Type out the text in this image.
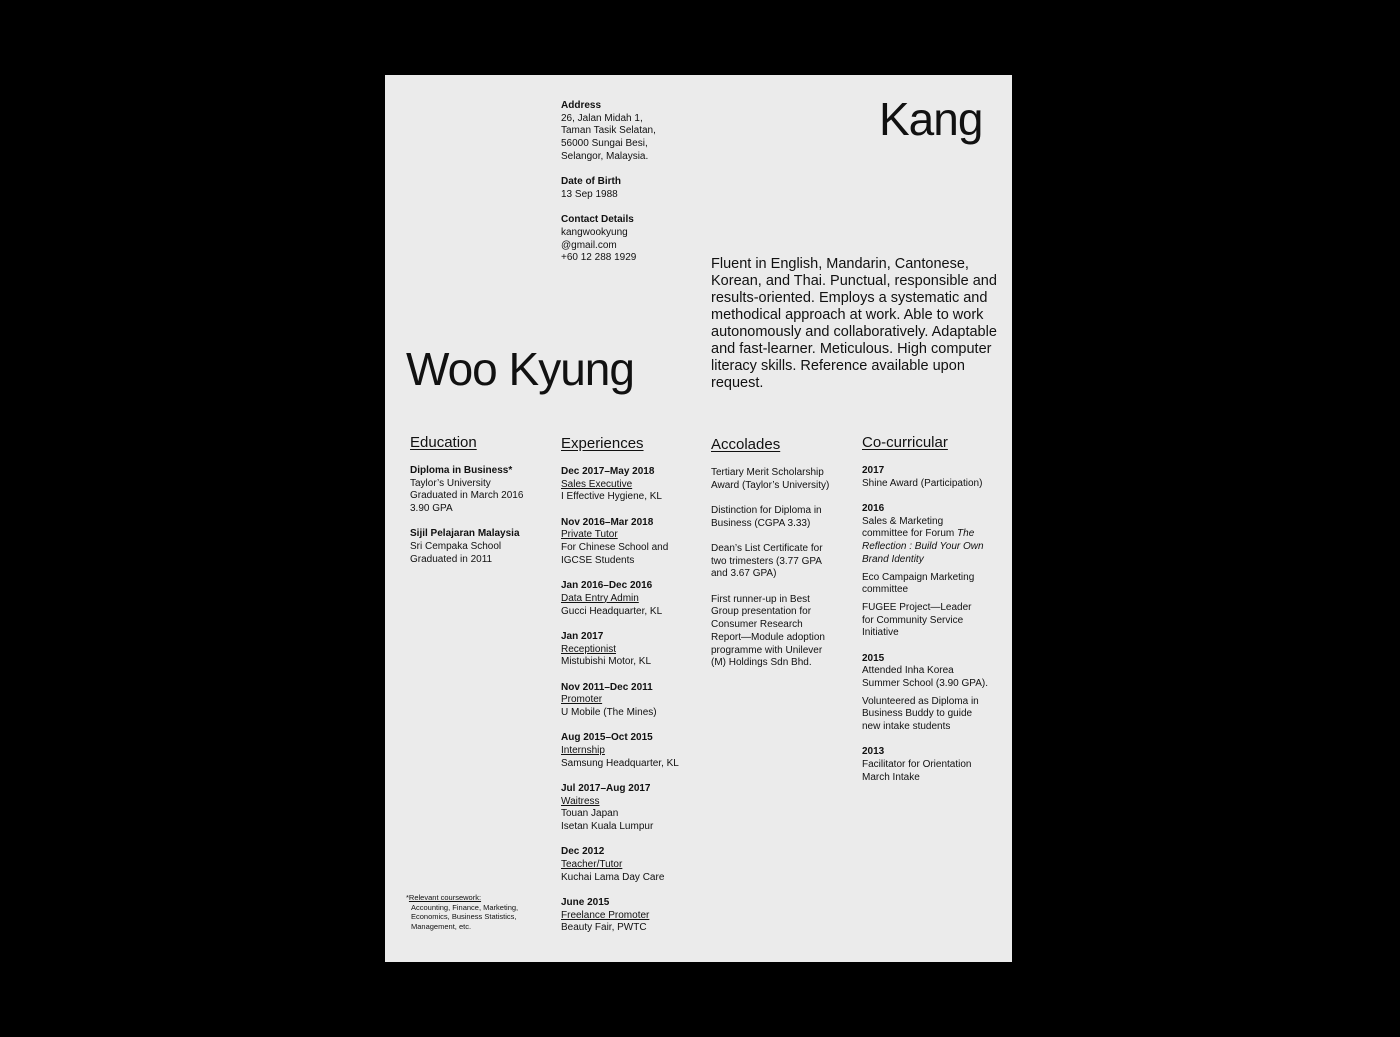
Address
26, Jalan Midah 1,
Taman Tasik Selatan,
56000 Sungai Besi,
Selangor, Malaysia.
Date of Birth
13 Sep 1988
Contact Details
kangwookyung
@gmail.com
+60 12 288 1929
Kang
Woo Kyung
Fluent in English, Mandarin, Cantonese, Korean, and Thai. Punctual, responsible and results-oriented. Employs a systematic and methodical approach at work. Able to work autonomously and collaboratively. Adaptable and fast-learner. Meticulous. High computer literacy skills. Reference available upon request.
Education
Diploma in Business*
Taylor’s University
Graduated in March 2016
3.90 GPA
Sijil Pelajaran Malaysia
Sri Cempaka School
Graduated in 2011
Experiences
Dec 2017–May 2018
Sales Executive
I Effective Hygiene, KL
Nov 2016–Mar 2018
Private Tutor
For Chinese School and
IGCSE Students
Jan 2016–Dec 2016
Data Entry Admin
Gucci Headquarter, KL
Jan 2017
Receptionist
Mistubishi Motor, KL
Nov 2011–Dec 2011
Promoter
U Mobile (The Mines)
Aug 2015–Oct 2015
Internship
Samsung Headquarter, KL
Jul 2017–Aug 2017
Waitress
Touan Japan
Isetan Kuala Lumpur
Dec 2012
Teacher/Tutor
Kuchai Lama Day Care
June 2015
Freelance Promoter
Beauty Fair, PWTC
Accolades
Tertiary Merit Scholarship
Award (Taylor’s University)
Distinction for Diploma in
Business (CGPA 3.33)
Dean’s List Certificate for
two trimesters (3.77 GPA
and 3.67 GPA)
First runner-up in Best
Group presentation for
Consumer Research
Report—Module adoption
programme with Unilever
(M) Holdings Sdn Bhd.
Co-curricular
2017
Shine Award (Participation)
2016
Sales & Marketing
committee for Forum The
Reflection : Build Your Own
Brand Identity
Eco Campaign Marketing
committee
FUGEE Project—Leader
for Community Service
Initiative
2015
Attended Inha Korea
Summer School (3.90 GPA).
Volunteered as Diploma in
Business Buddy to guide
new intake students
2013
Facilitator for Orientation
March Intake
*Relevant coursework:
Accounting, Finance, Marketing,
Economics, Business Statistics,
Management, etc.
